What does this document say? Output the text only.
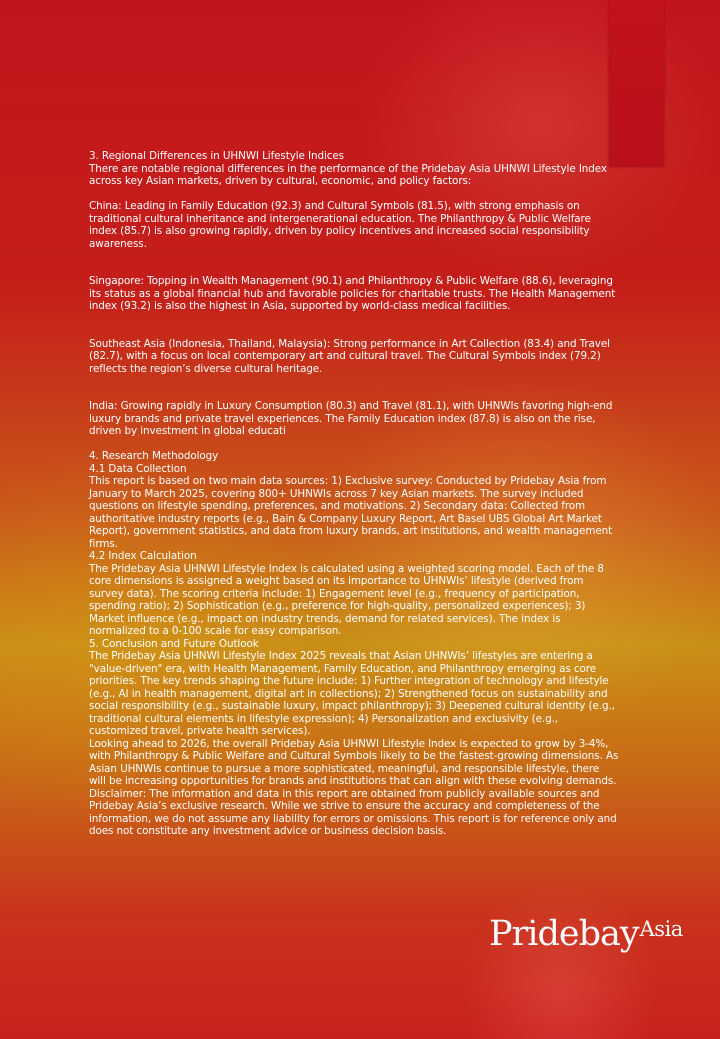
3. Regional Differences in UHNWI Lifestyle Indices

There are notable regional differences in the performance of the Pridebay Asia UHNWI Lifestyle Index across key Asian markets, driven by cultural, economic, and policy factors:

China: Leading in Family Education (92.3) and Cultural Symbols (81.5), with strong emphasis on traditional cultural inheritance and intergenerational education. The Philanthropy & Public Welfare index (85.7) is also growing rapidly, driven by policy incentives and increased social responsibility awareness.

Singapore: Topping in Wealth Management (90.1) and Philanthropy & Public Welfare (88.6), leveraging its status as a global financial hub and favorable policies for charitable trusts. The Health Management index (93.2) is also the highest in Asia, supported by world-class medical facilities.

Southeast Asia (Indonesia, Thailand, Malaysia): Strong performance in Art Collection (83.4) and Travel (82.7), with a focus on local contemporary art and cultural travel. The Cultural Symbols index (79.2) reflects the region’s diverse cultural heritage.

India: Growing rapidly in Luxury Consumption (80.3) and Travel (81.1), with UHNWIs favoring high-end luxury brands and private travel experiences. The Family Education index (87.8) is also on the rise, driven by investment in global educati

4. Research Methodology

4.1 Data Collection

This report is based on two main data sources: 1) Exclusive survey: Conducted by Pridebay Asia from January to March 2025, covering 800+ UHNWIs across 7 key Asian markets. The survey included questions on lifestyle spending, preferences, and motivations. 2) Secondary data: Collected from authoritative industry reports (e.g., Bain & Company Luxury Report, Art Basel UBS Global Art Market Report), government statistics, and data from luxury brands, art institutions, and wealth management firms.

4.2 Index Calculation

The Pridebay Asia UHNWI Lifestyle Index is calculated using a weighted scoring model. Each of the 8 core dimensions is assigned a weight based on its importance to UHNWIs’ lifestyle (derived from survey data). The scoring criteria include: 1) Engagement level (e.g., frequency of participation, spending ratio); 2) Sophistication (e.g., preference for high-quality, personalized experiences); 3) Market influence (e.g., impact on industry trends, demand for related services). The index is normalized to a 0-100 scale for easy comparison.

5. Conclusion and Future Outlook

The Pridebay Asia UHNWI Lifestyle Index 2025 reveals that Asian UHNWIs’ lifestyles are entering a "value-driven" era, with Health Management, Family Education, and Philanthropy emerging as core priorities. The key trends shaping the future include: 1) Further integration of technology and lifestyle (e.g., AI in health management, digital art in collections); 2) Strengthened focus on sustainability and social responsibility (e.g., sustainable luxury, impact philanthropy); 3) Deepened cultural identity (e.g., traditional cultural elements in lifestyle expression); 4) Personalization and exclusivity (e.g., customized travel, private health services).

Looking ahead to 2026, the overall Pridebay Asia UHNWI Lifestyle Index is expected to grow by 3-4%, with Philanthropy & Public Welfare and Cultural Symbols likely to be the fastest-growing dimensions. As Asian UHNWIs continue to pursue a more sophisticated, meaningful, and responsible lifestyle, there will be increasing opportunities for brands and institutions that can align with these evolving demands.

Disclaimer: The information and data in this report are obtained from publicly available sources and Pridebay Asia’s exclusive research. While we strive to ensure the accuracy and completeness of the information, we do not assume any liability for errors or omissions. This report is for reference only and does not constitute any investment advice or business decision basis.

PridebayAsia
